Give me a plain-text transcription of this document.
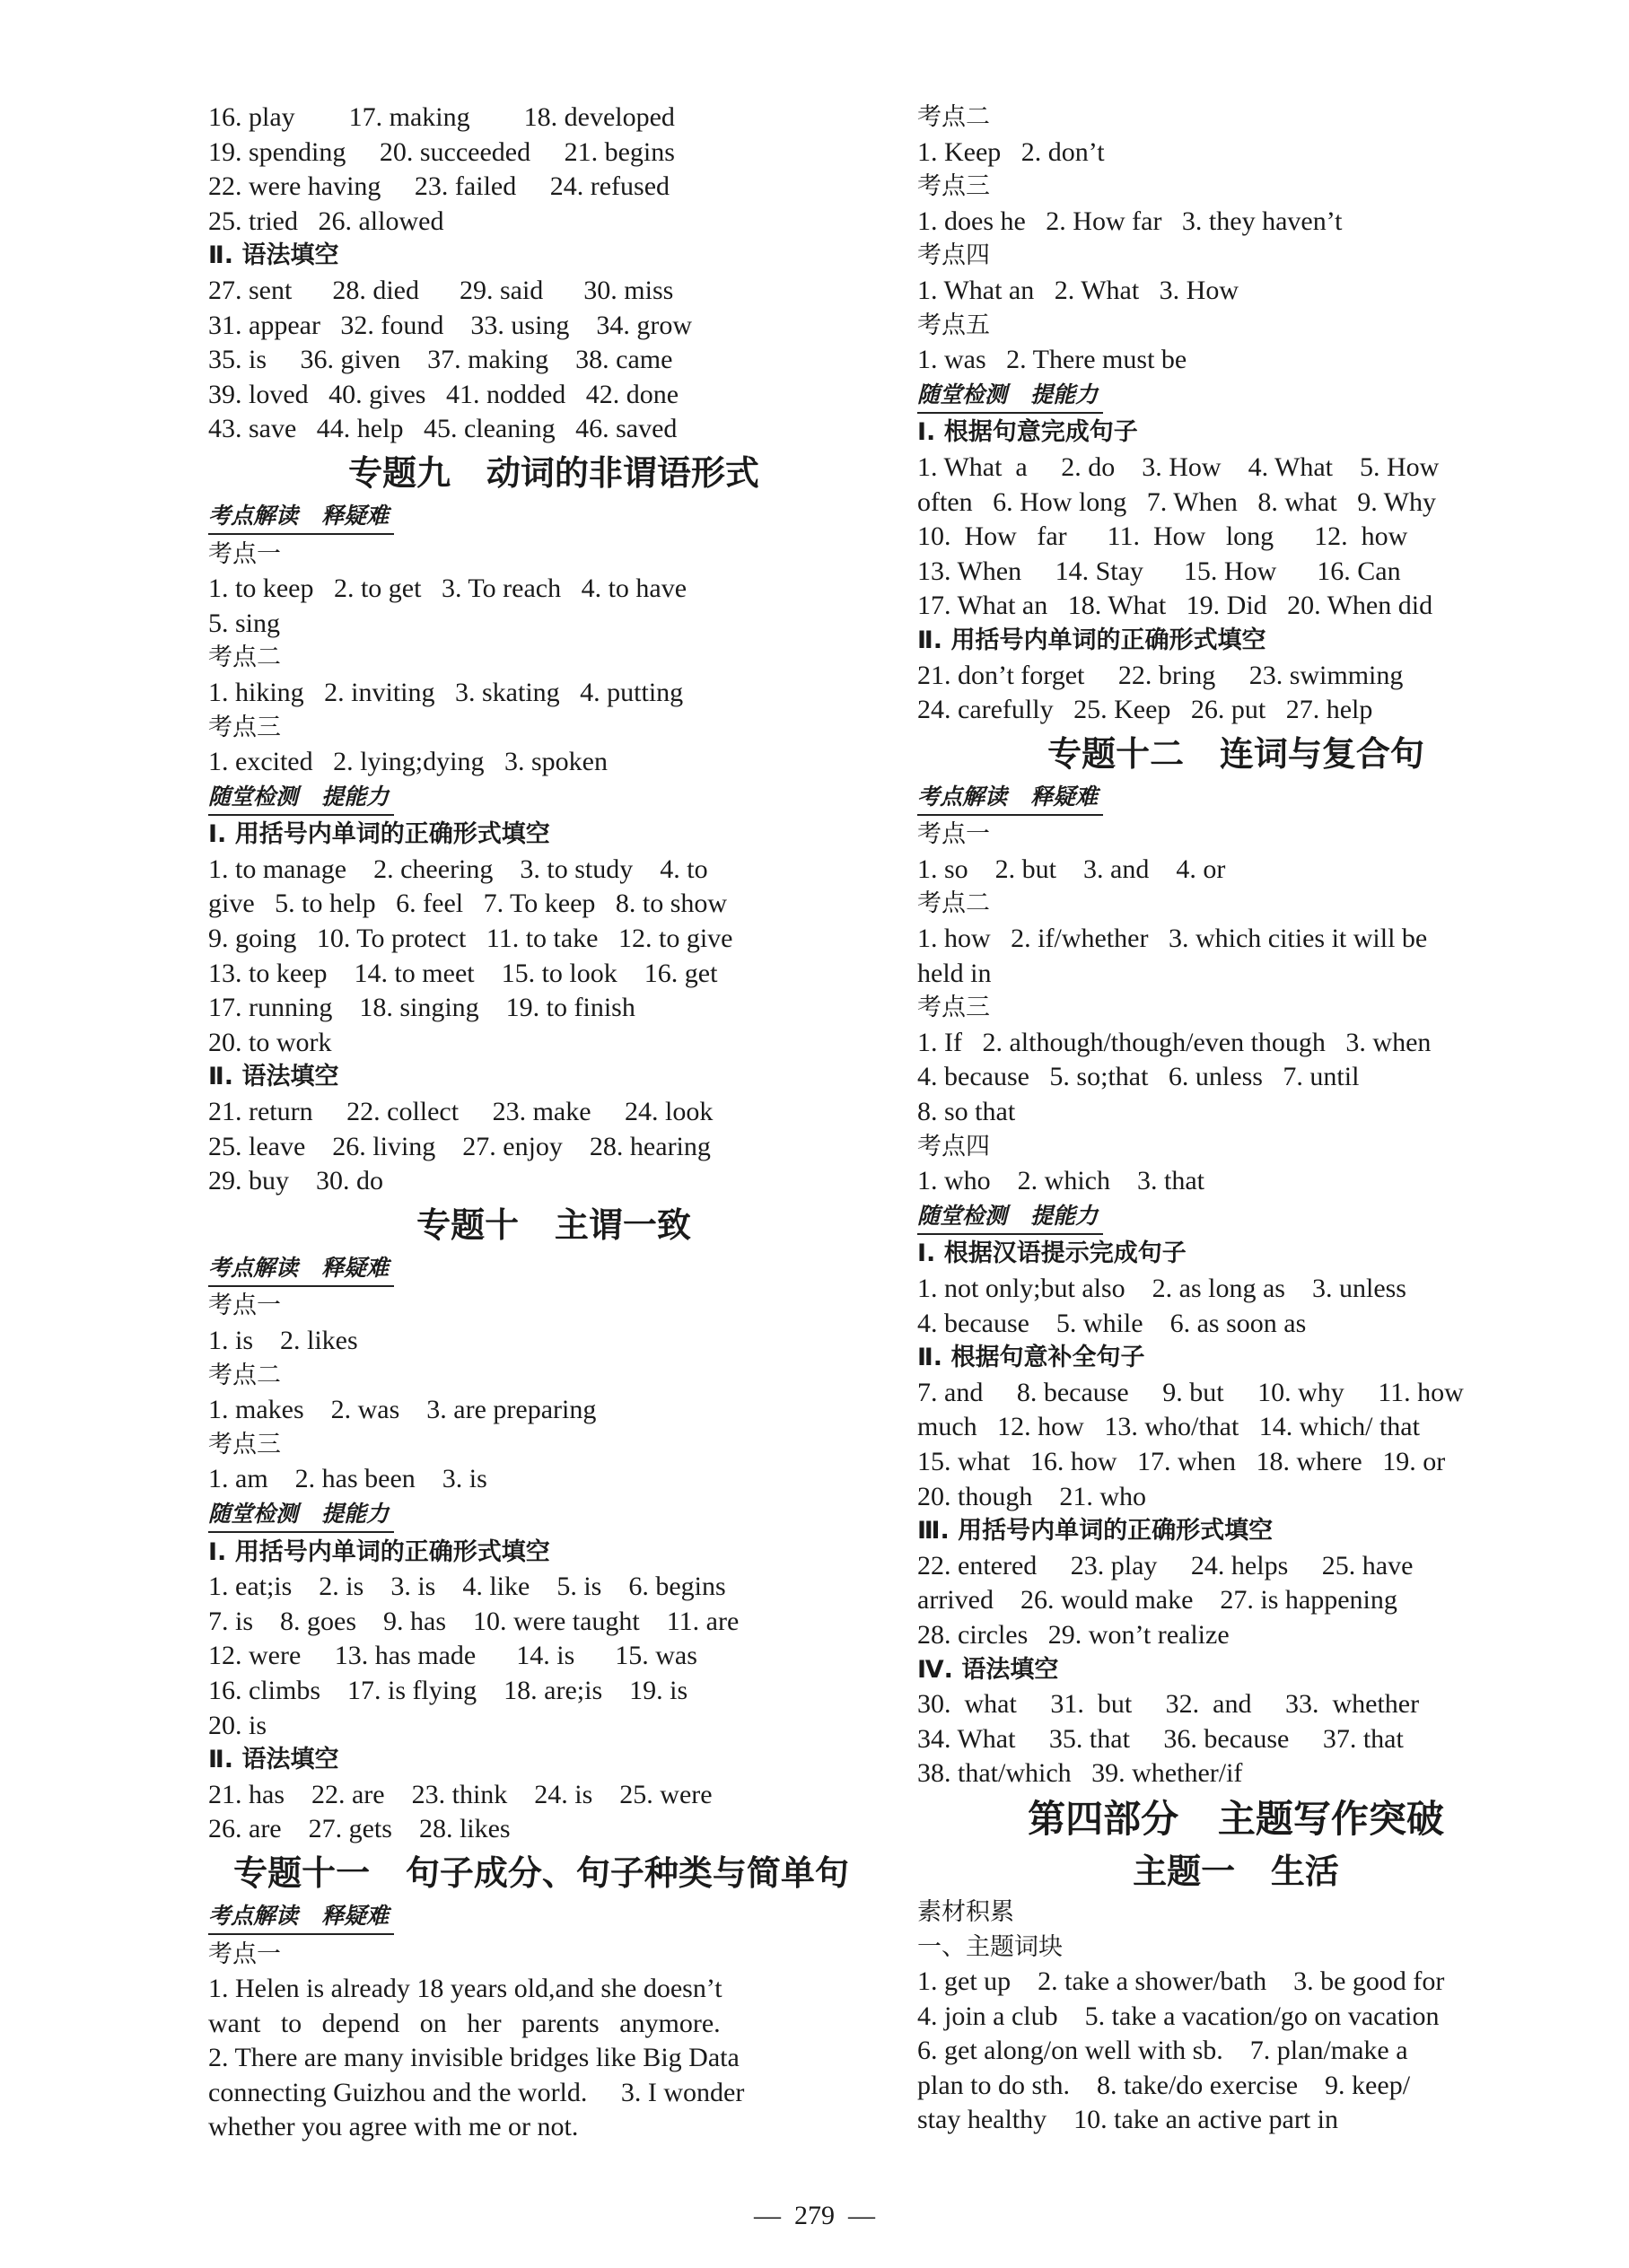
16. play        17. making        18. developed
19. spending     20. succeeded     21. begins
22. were having     23. failed     24. refused
25. tried   26. allowed
Ⅱ. 语法填空
27. sent      28. died      29. said      30. miss
31. appear   32. found    33. using    34. grow
35. is     36. given    37. making    38. came
39. loved   40. gives   41. nodded   42. done
43. save   44. help   45. cleaning   46. saved
专题九   动词的非谓语形式
考点解读   释疑难
考点一
1. to keep   2. to get   3. To reach   4. to have
5. sing
考点二
1. hiking   2. inviting   3. skating   4. putting
考点三
1. excited   2. lying;dying   3. spoken
随堂检测   提能力
Ⅰ. 用括号内单词的正确形式填空
1. to manage    2. cheering    3. to study    4. to
give   5. to help   6. feel   7. To keep   8. to show
9. going   10. To protect   11. to take   12. to give
13. to keep    14. to meet    15. to look    16. get
17. running    18. singing    19. to finish
20. to work
Ⅱ. 语法填空
21. return     22. collect     23. make     24. look
25. leave    26. living    27. enjoy    28. hearing
29. buy    30. do
专题十   主谓一致
考点解读   释疑难
考点一
1. is    2. likes
考点二
1. makes    2. was    3. are preparing
考点三
1. am    2. has been    3. is
随堂检测   提能力
Ⅰ. 用括号内单词的正确形式填空
1. eat;is    2. is    3. is    4. like    5. is    6. begins
7. is    8. goes    9. has    10. were taught    11. are
12. were     13. has made      14. is      15. was
16. climbs    17. is flying    18. are;is    19. is
20. is
Ⅱ. 语法填空
21. has    22. are    23. think    24. is    25. were
26. are    27. gets    28. likes
专题十一   句子成分、句子种类与简单句
考点解读   释疑难
考点一
1. Helen is already 18 years old,and she doesn’t
want   to   depend   on   her   parents   anymore.
2. There are many invisible bridges like Big Data
connecting Guizhou and the world.     3. I wonder
whether you agree with me or not.
考点二
1. Keep   2. don’t
考点三
1. does he   2. How far   3. they haven’t
考点四
1. What an   2. What   3. How
考点五
1. was   2. There must be
随堂检测   提能力
Ⅰ. 根据句意完成句子
1. What  a     2. do    3. How    4. What    5. How
often   6. How long   7. When   8. what   9. Why
10.  How   far      11.  How   long      12.  how
13. When     14. Stay      15. How      16. Can
17. What an   18. What   19. Did   20. When did
Ⅱ. 用括号内单词的正确形式填空
21. don’t forget     22. bring     23. swimming
24. carefully   25. Keep   26. put   27. help
专题十二   连词与复合句
考点解读   释疑难
考点一
1. so    2. but    3. and    4. or
考点二
1. how   2. if/whether   3. which cities it will be
held in
考点三
1. If   2. although/though/even though   3. when
4. because   5. so;that   6. unless   7. until
8. so that
考点四
1. who    2. which    3. that
随堂检测   提能力
Ⅰ. 根据汉语提示完成句子
1. not only;but also    2. as long as    3. unless
4. because    5. while    6. as soon as
Ⅱ. 根据句意补全句子
7. and     8. because     9. but     10. why     11. how
much   12. how   13. who/that   14. which/ that
15. what   16. how   17. when   18. where   19. or
20. though    21. who
Ⅲ. 用括号内单词的正确形式填空
22. entered     23. play     24. helps     25. have
arrived    26. would make    27. is happening
28. circles   29. won’t realize
Ⅳ. 语法填空
30.  what     31.  but     32.  and     33.  whether
34. What     35. that     36. because     37. that
38. that/which   39. whether/if
第四部分   主题写作突破
主题一   生活
素材积累
一、主题词块
1. get up    2. take a shower/bath    3. be good for
4. join a club    5. take a vacation/go on vacation
6. get along/on well with sb.    7. plan/make a
plan to do sth.    8. take/do exercise    9. keep/
stay healthy    10. take an active part in
—  279  —
